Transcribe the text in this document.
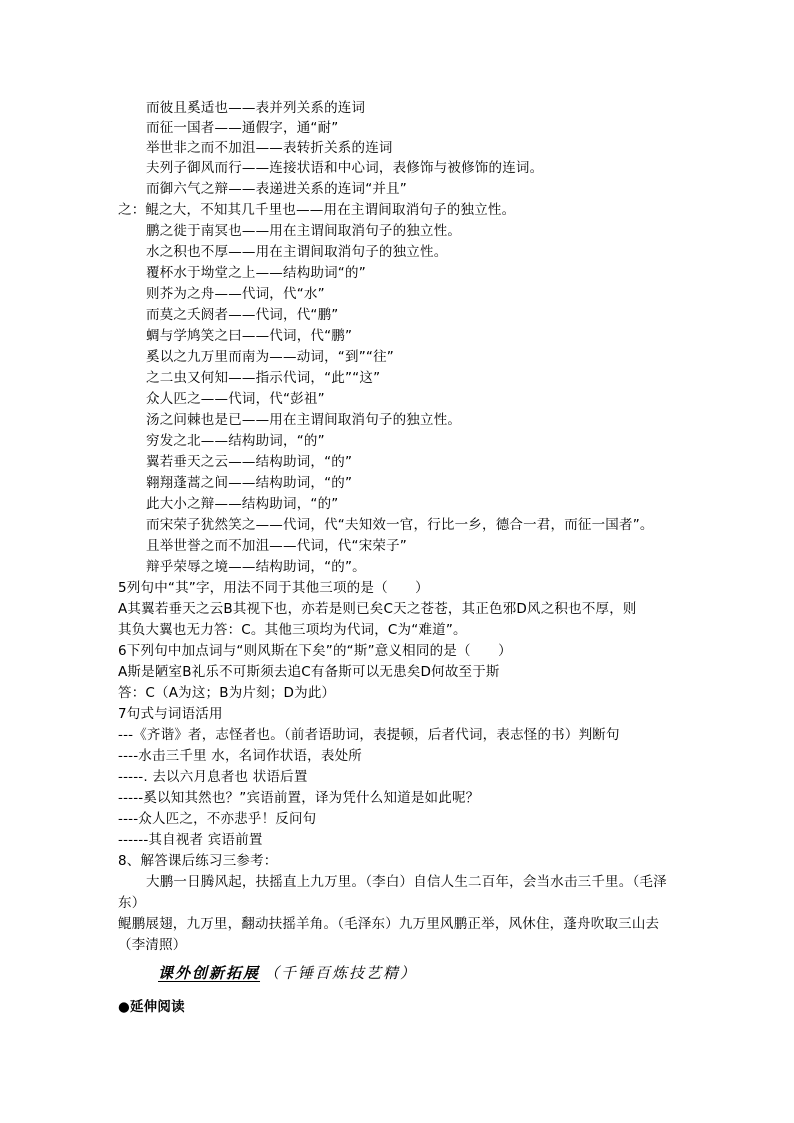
而彼且奚适也——表并列关系的连词
而征一国者——通假字，通“耐”
举世非之而不加沮——表转折关系的连词
夫列子御风而行——连接状语和中心词，表修饰与被修饰的连词。
而御六气之辩——表递进关系的连词“并且”
之：鲲之大，不知其几千里也——用在主谓间取消句子的独立性。
鹏之徙于南冥也——用在主谓间取消句子的独立性。
水之积也不厚——用在主谓间取消句子的独立性。
覆杯水于坳堂之上——结构助词“的”
则芥为之舟——代词，代“水”
而莫之夭阏者——代词，代“鹏”
蜩与学鸠笑之曰——代词，代“鹏”
奚以之九万里而南为——动词，“到”“往”
之二虫又何知——指示代词，“此”“这”
众人匹之——代词，代“彭祖”
汤之问棘也是已——用在主谓间取消句子的独立性。
穷发之北——结构助词，“的”
翼若垂天之云——结构助词，“的”
翱翔蓬蒿之间——结构助词，“的”
此大小之辩——结构助词，“的”
而宋荣子犹然笑之——代词，代“夫知效一官，行比一乡，德合一君，而征一国者”。
且举世誉之而不加沮——代词，代“宋荣子”
辩乎荣辱之境——结构助词，“的”。
5列句中“其”字，用法不同于其他三项的是（　　）
A其翼若垂天之云B其视下也，亦若是则已矣C天之苍苍，其正色邪D风之积也不厚，则
其负大翼也无力答：C。其他三项均为代词，C为“难道”。
6下列句中加点词与“则风斯在下矣”的“斯”意义相同的是（　　）
A斯是陋室B礼乐不可斯须去追C有备斯可以无患矣D何故至于斯
答：C（A为这；B为片刻；D为此）
7句式与词语活用
---《齐谐》者，志怪者也。（前者语助词，表提顿，后者代词，表志怪的书）判断句
----水击三千里 水，名词作状语，表处所
-----. 去以六月息者也 状语后置
-----奚以知其然也？”宾语前置，译为凭什么知道是如此呢？
----众人匹之，不亦悲乎！反问句
------其自视者 宾语前置
8、解答课后练习三参考：
大鹏一日腾风起，扶摇直上九万里。（李白）自信人生二百年，会当水击三千里。（毛泽
东）
鲲鹏展翅，九万里，翻动扶摇羊角。（毛泽东）九万里风鹏正举，风休住，蓬舟吹取三山去
（李清照）
课外创新拓展 （千锤百炼技艺精）
●延伸阅读
